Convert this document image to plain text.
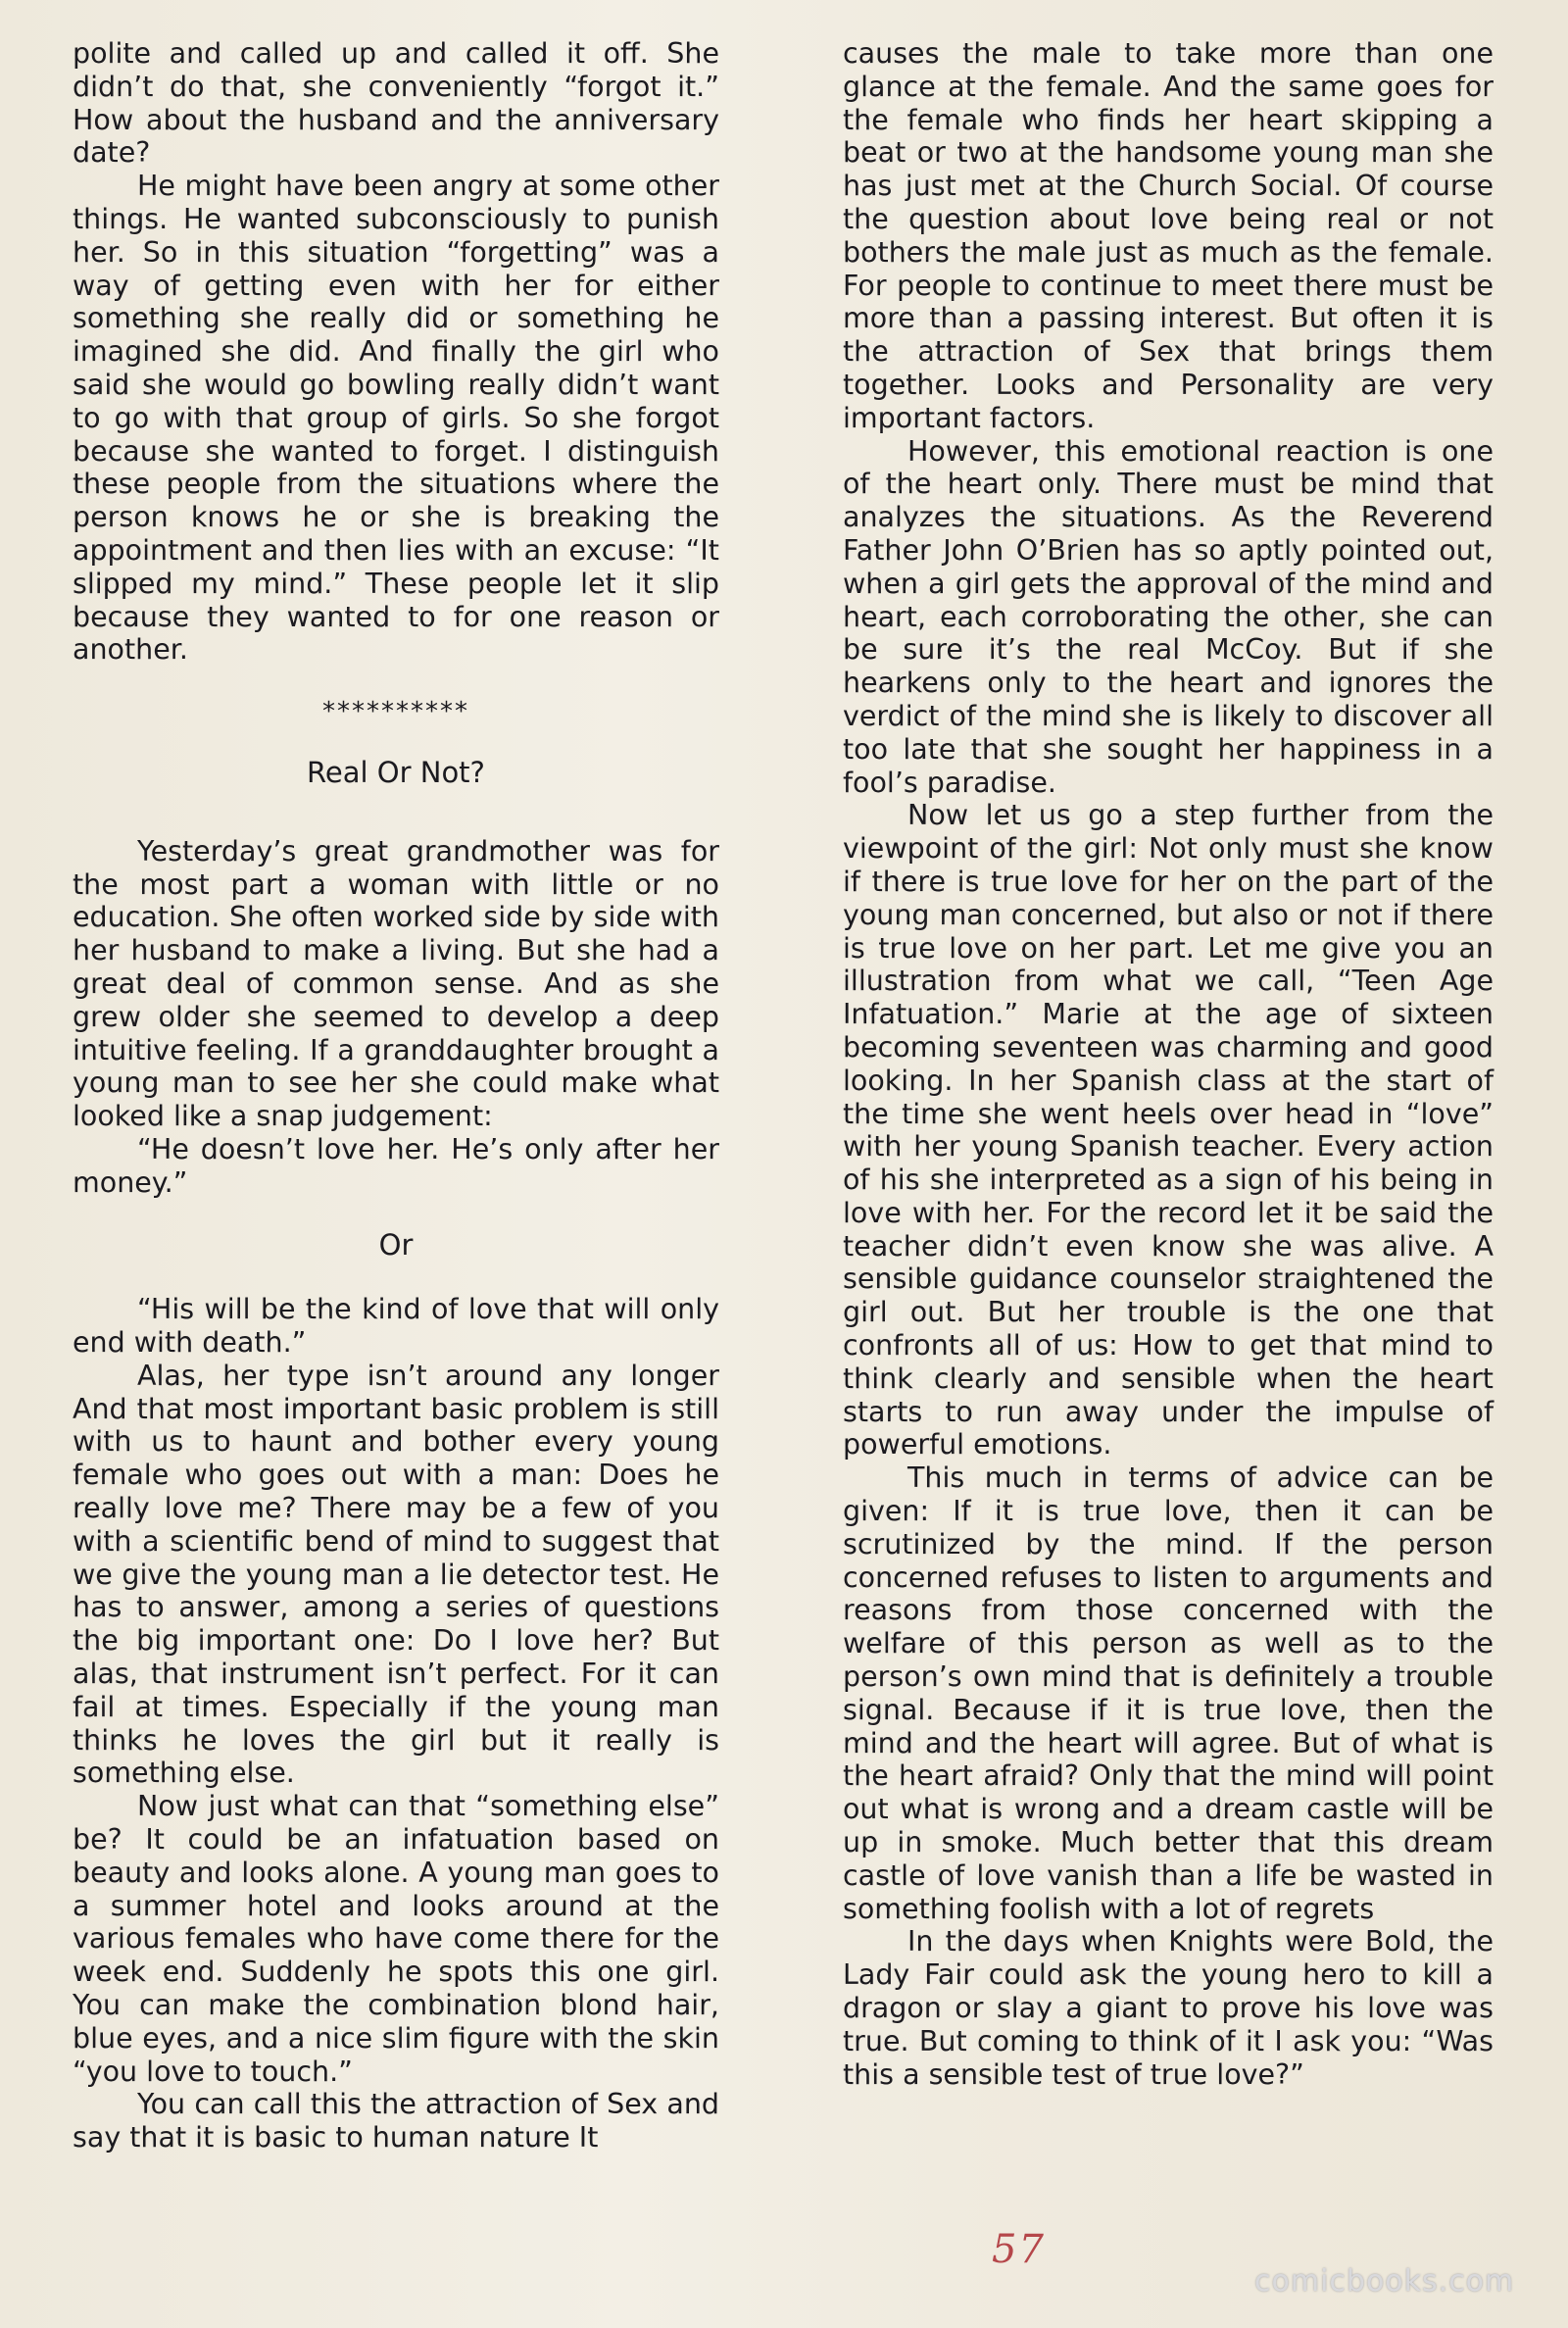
polite and called up and called it off. She didn’t do that, she conveniently “forgot it.” How about the husband and the anniversary date?

He might have been angry at some other things. He wanted subconsciously to punish her. So in this situation “forgetting” was a way of getting even with her for either something she really did or something he imagined she did. And finally the girl who said she would go bowling really didn’t want to go with that group of girls. So she forgot because she wanted to forget. I distinguish these people from the situations where the person knows he or she is breaking the appointment and then lies with an excuse: “It slipped my mind.” These people let it slip because they wanted to for one reason or another.

**********
Real Or Not?

Yesterday’s great grandmother was for the most part a woman with little or no education. She often worked side by side with her husband to make a living. But she had a great deal of common sense. And as she grew older she seemed to develop a deep intuitive feeling. If a granddaughter brought a young man to see her she could make what looked like a snap judgement:

“He doesn’t love her. He’s only after her money.”

Or

“His will be the kind of love that will only end with death.”

Alas, her type isn’t around any longer And that most important basic problem is still with us to haunt and bother every young female who goes out with a man: Does he really love me? There may be a few of you with a scientific bend of mind to suggest that we give the young man a lie detector test. He has to answer, among a series of questions the big important one: Do I love her? But alas, that instrument isn’t perfect. For it can fail at times. Especially if the young man thinks he loves the girl but it really is something else.

Now just what can that “something else” be? It could be an infatuation based on beauty and looks alone. A young man goes to a summer hotel and looks around at the various females who have come there for the week end. Suddenly he spots this one girl. You can make the combination blond hair, blue eyes, and a nice slim figure with the skin “you love to touch.”

You can call this the attraction of Sex and say that it is basic to human nature It

causes the male to take more than one glance at the female. And the same goes for the female who finds her heart skipping a beat or two at the handsome young man she has just met at the Church Social. Of course the question about love being real or not bothers the male just as much as the female. For people to continue to meet there must be more than a passing interest. But often it is the attraction of Sex that brings them together. Looks and Personality are very important factors.

However, this emotional reaction is one of the heart only. There must be mind that analyzes the situations. As the Reverend Father John O’Brien has so aptly pointed out, when a girl gets the approval of the mind and heart, each corroborating the other, she can be sure it’s the real McCoy. But if she hearkens only to the heart and ignores the verdict of the mind she is likely to discover all too late that she sought her happiness in a fool’s paradise.

Now let us go a step further from the viewpoint of the girl: Not only must she know if there is true love for her on the part of the young man concerned, but also or not if there is true love on her part. Let me give you an illustration from what we call, “Teen Age Infatuation.” Marie at the age of sixteen becoming seventeen was charming and good looking. In her Spanish class at the start of the time she went heels over head in “love” with her young Spanish teacher. Every action of his she interpreted as a sign of his being in love with her. For the record let it be said the teacher didn’t even know she was alive. A sensible guidance counselor straightened the girl out. But her trouble is the one that confronts all of us: How to get that mind to think clearly and sensible when the heart starts to run away under the impulse of powerful emotions.

This much in terms of advice can be given: If it is true love, then it can be scrutinized by the mind. If the person concerned refuses to listen to arguments and reasons from those concerned with the welfare of this person as well as to the person’s own mind that is definitely a trouble signal. Because if it is true love, then the mind and the heart will agree. But of what is the heart afraid? Only that the mind will point out what is wrong and a dream castle will be up in smoke. Much better that this dream castle of love vanish than a life be wasted in something foolish with a lot of regrets

In the days when Knights were Bold, the Lady Fair could ask the young hero to kill a dragon or slay a giant to prove his love was true. But coming to think of it I ask you: “Was this a sensible test of true love?”

57
comicbooks.com
